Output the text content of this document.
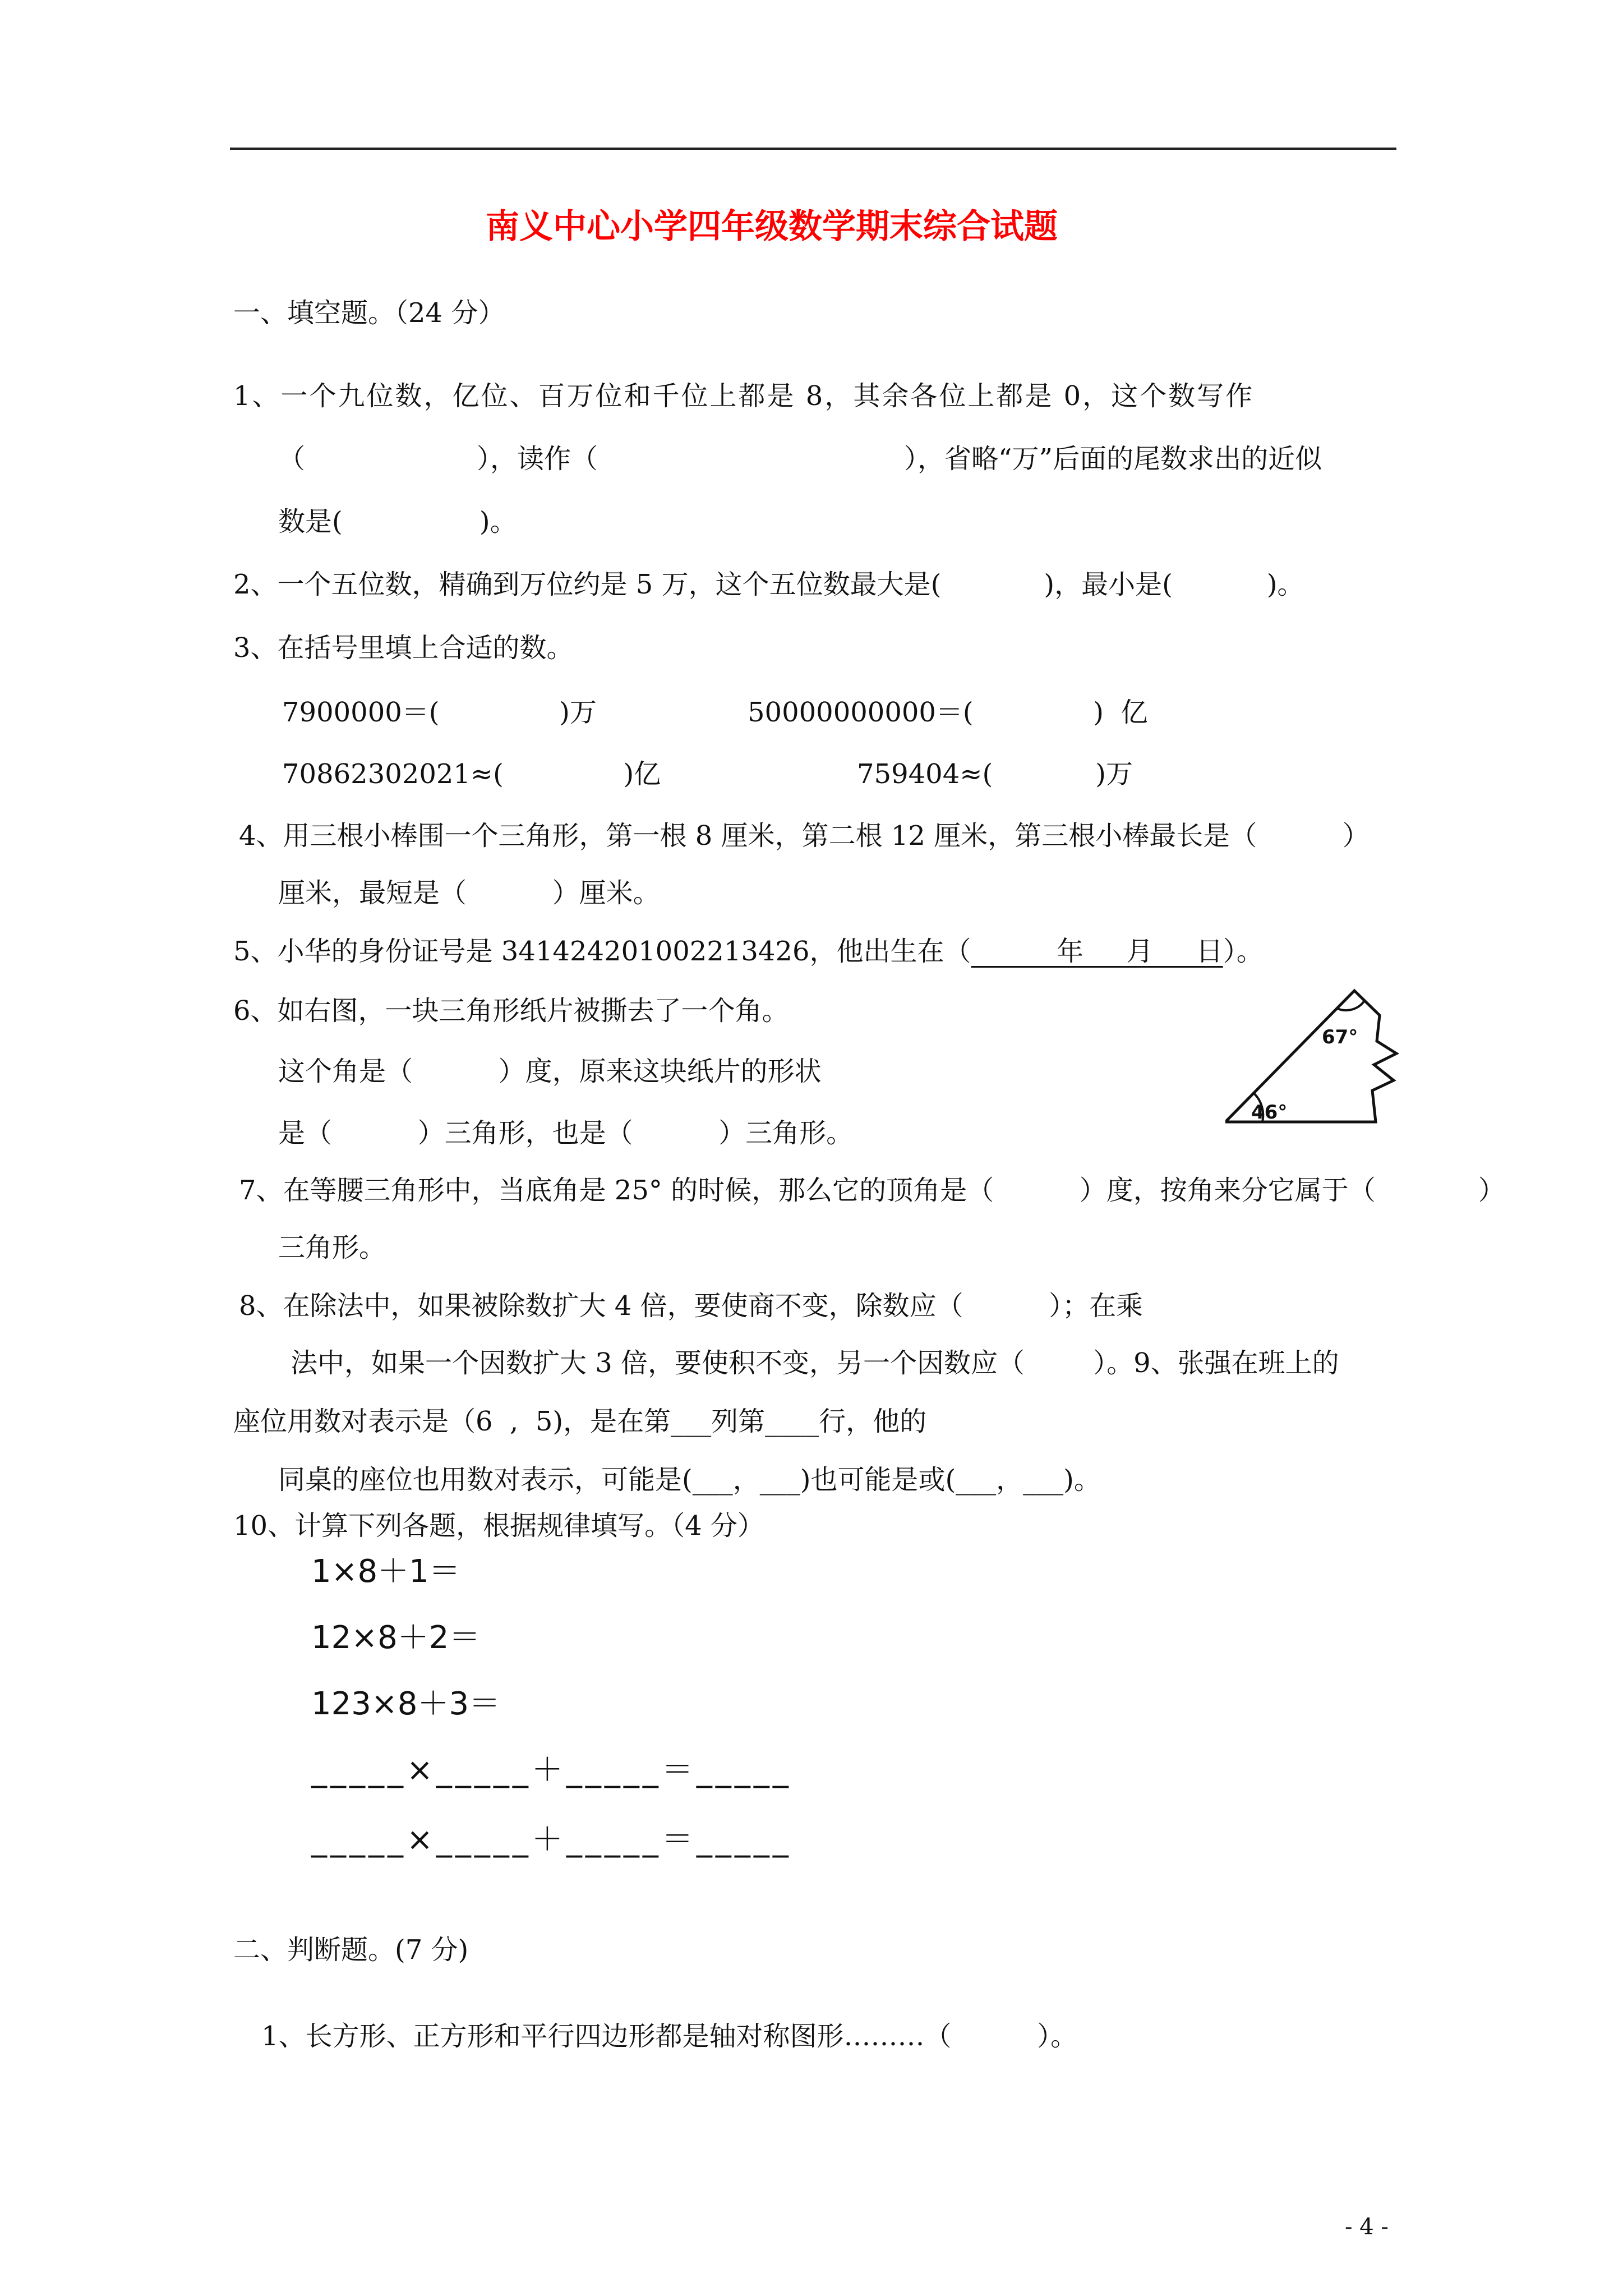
南义中心小学四年级数学期末综合试题
一、填空题。（24 分）
1、一个九位数，亿位、百万位和千位上都是 8，其余各位上都是 0，这个数写作
（	），读作（	），省略“万”后面的尾数求出的近似
数是(                )。
2、一个五位数，精确到万位约是 5 万，这个五位数最大是(            )，最小是(           )。
3、在括号里填上合适的数。
7900000＝(              )万	50000000000＝(              )  亿
70862302021≈(              )亿	759404≈(            )万
4、用三根小棒围一个三角形，第一根 8 厘米，第二根 12 厘米，第三根小棒最长是（          ）
厘米，最短是（          ）厘米。
5、小华的身份证号是 341424201002213426，他出生在（          年     月     日）。
6、如右图，一块三角形纸片被撕去了一个角。
这个角是（          ）度，原来这块纸片的形状
是（          ）三角形，也是（          ）三角形。
67°
46°
7、在等腰三角形中，当底角是 25° 的时候，那么它的顶角是（          ）度，按角来分它属于（            ）
三角形。
8、在除法中，如果被除数扩大 4 倍，要使商不变，除数应（          ）；在乘
法中，如果一个因数扩大 3 倍，要使积不变，另一个因数应（        ）。9、张强在班上的
座位用数对表示是（6  ,  5)，是在第___列第____行，他的
同桌的座位也用数对表示，可能是(___，___)也可能是或(___，___)。
10、计算下列各题，根据规律填写。（4 分）
1×8＋1＝
12×8＋2＝
123×8＋3＝
_____×_____＋_____＝_____
_____×_____＋_____＝_____
二、判断题。(7 分)
1、长方形、正方形和平行四边形都是轴对称图形………（          ）。
- 4 -
